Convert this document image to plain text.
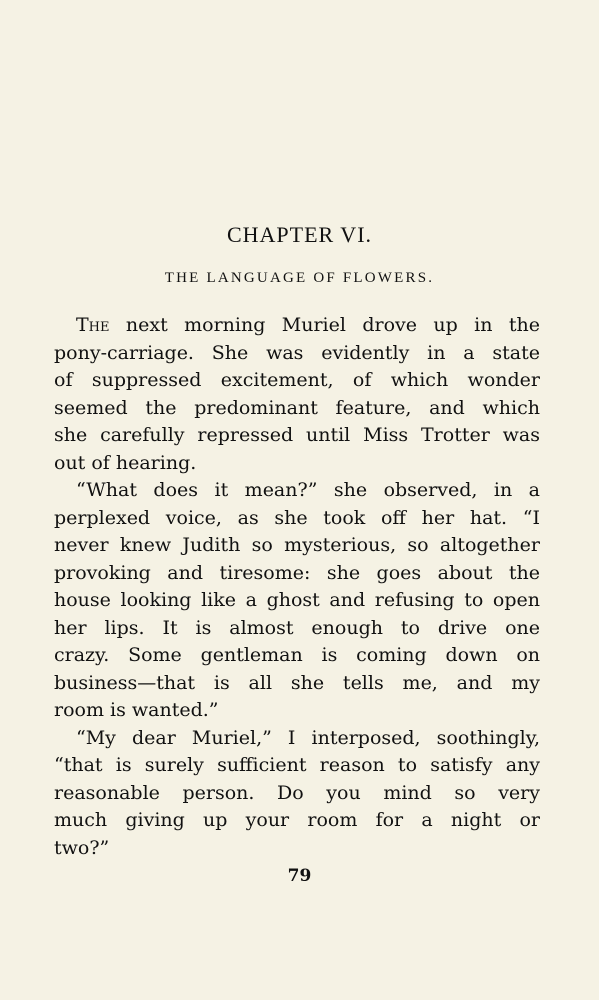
CHAPTER VI.
THE LANGUAGE OF FLOWERS.
The next morning Muriel drove up in the
pony-carriage. She was evidently in a state
of suppressed excitement, of which wonder
seemed the predominant feature, and which
she carefully repressed until Miss Trotter was
out of hearing.
“What does it mean?” she observed, in a
perplexed voice, as she took off her hat. “I
never knew Judith so mysterious, so altogether
provoking and tiresome: she goes about the
house looking like a ghost and refusing to open
her lips. It is almost enough to drive one
crazy. Some gentleman is coming down on
business—that is all she tells me, and my
room is wanted.”
“My dear Muriel,” I interposed, soothingly,
“that is surely sufficient reason to satisfy any
reasonable person. Do you mind so very
much giving up your room for a night or
two?”
79
